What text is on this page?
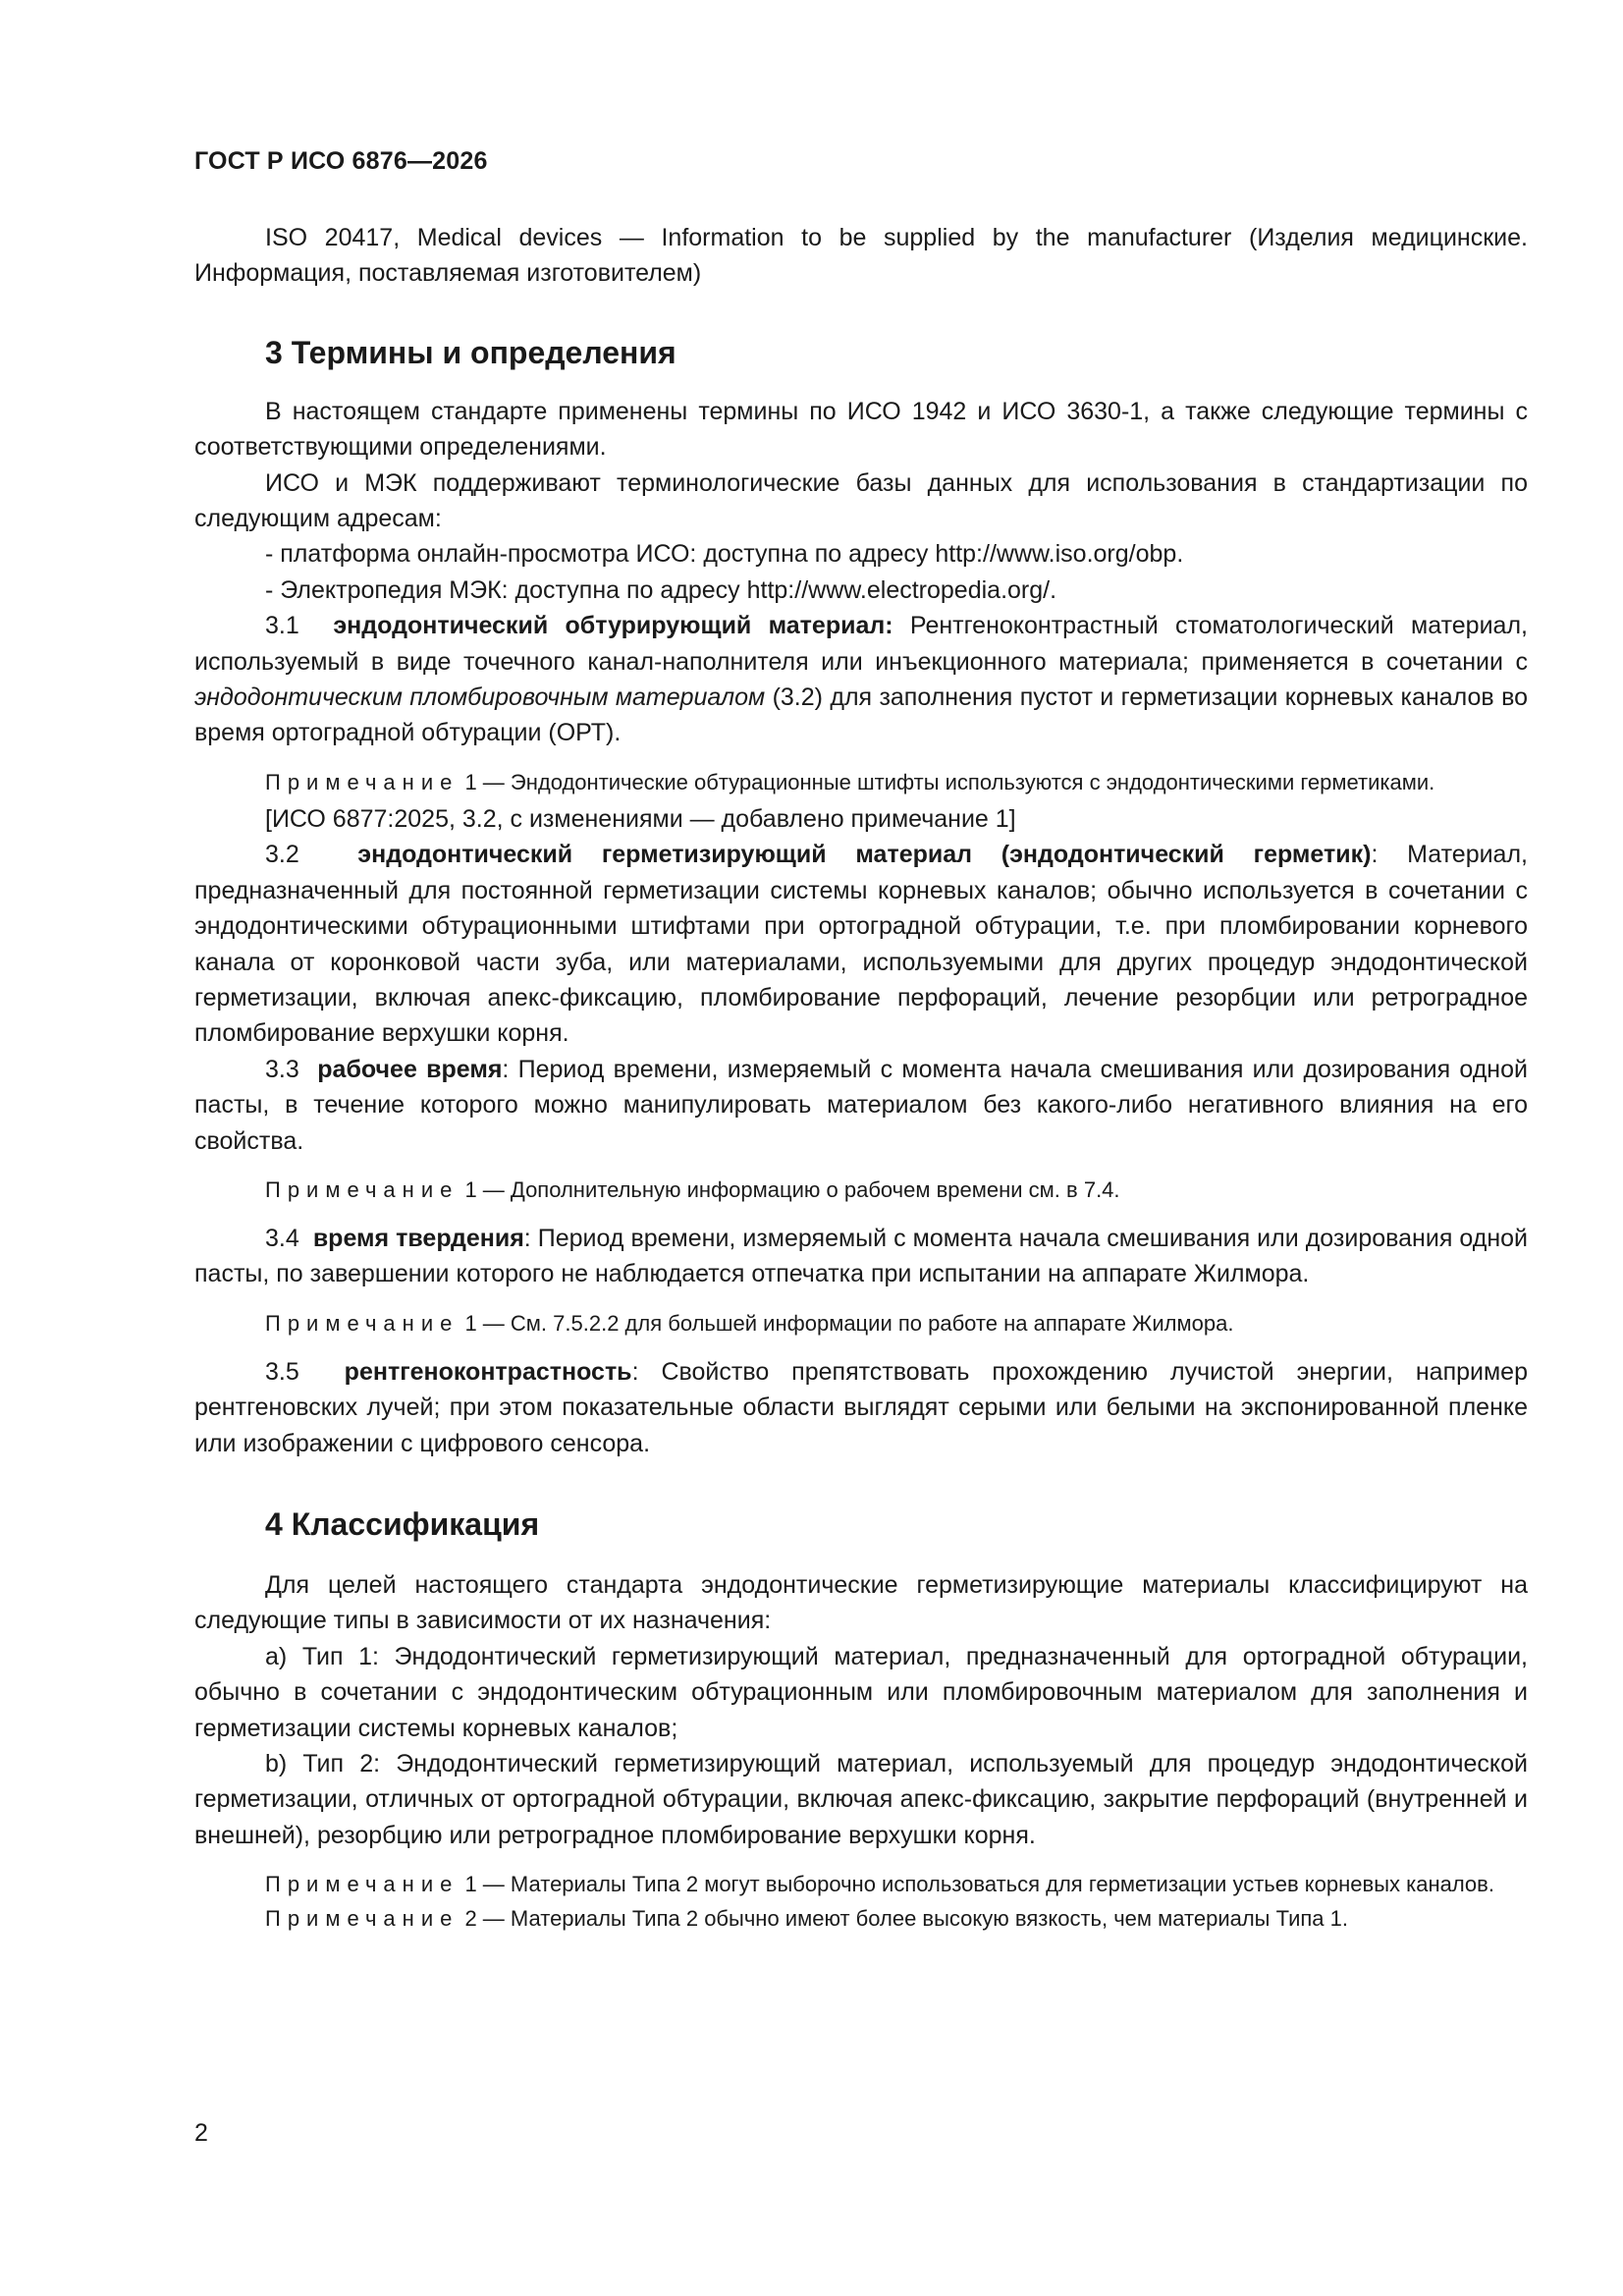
ГОСТ Р ИСО 6876—2026

ISO 20417, Medical devices — Information to be supplied by the manufacturer (Изделия медицинские. Информация, поставляемая изготовителем)

3 Термины и определения

В настоящем стандарте применены термины по ИСО 1942 и ИСО 3630-1, а также следующие термины с соответствующими определениями.

ИСО и МЭК поддерживают терминологические базы данных для использования в стандартизации по следующим адресам:

- платформа онлайн-просмотра ИСО: доступна по адресу http://www.iso.org/obp.

- Электропедия МЭК: доступна по адресу http://www.electropedia.org/.

3.1 эндодонтический обтурирующий материал: Рентгеноконтрастный стоматологический материал, используемый в виде точечного канал-наполнителя или инъекционного материала; применяется в сочетании с эндодонтическим пломбировочным материалом (3.2) для заполнения пустот и герметизации корневых каналов во время ортоградной обтурации (ОРТ).

Примечание 1 — Эндодонтические обтурационные штифты используются с эндодонтическими герметиками.

[ИСО 6877:2025, 3.2, с изменениями — добавлено примечание 1]

3.2 эндодонтический герметизирующий материал (эндодонтический герметик): Материал, предназначенный для постоянной герметизации системы корневых каналов; обычно используется в сочетании с эндодонтическими обтурационными штифтами при ортоградной обтурации, т.е. при пломбировании корневого канала от коронковой части зуба, или материалами, используемыми для других процедур эндодонтической герметизации, включая апекс-фиксацию, пломбирование перфораций, лечение резорбции или ретроградное пломбирование верхушки корня.

3.3 рабочее время: Период времени, измеряемый с момента начала смешивания или дозирования одной пасты, в течение которого можно манипулировать материалом без какого-либо негативного влияния на его свойства.

Примечание 1 — Дополнительную информацию о рабочем времени см. в 7.4.

3.4 время твердения: Период времени, измеряемый с момента начала смешивания или дозирования одной пасты, по завершении которого не наблюдается отпечатка при испытании на аппарате Жилмора.

Примечание 1 — См. 7.5.2.2 для большей информации по работе на аппарате Жилмора.

3.5 рентгеноконтрастность: Свойство препятствовать прохождению лучистой энергии, например рентгеновских лучей; при этом показательные области выглядят серыми или белыми на экспонированной пленке или изображении с цифрового сенсора.

4 Классификация

Для целей настоящего стандарта эндодонтические герметизирующие материалы классифицируют на следующие типы в зависимости от их назначения:

a) Тип 1: Эндодонтический герметизирующий материал, предназначенный для ортоградной обтурации, обычно в сочетании с эндодонтическим обтурационным или пломбировочным материалом для заполнения и герметизации системы корневых каналов;

b) Тип 2: Эндодонтический герметизирующий материал, используемый для процедур эндодонтической герметизации, отличных от ортоградной обтурации, включая апекс-фиксацию, закрытие перфораций (внутренней и внешней), резорбцию или ретроградное пломбирование верхушки корня.

Примечание 1 — Материалы Типа 2 могут выборочно использоваться для герметизации устьев корневых каналов.

Примечание 2 — Материалы Типа 2 обычно имеют более высокую вязкость, чем материалы Типа 1.

2
